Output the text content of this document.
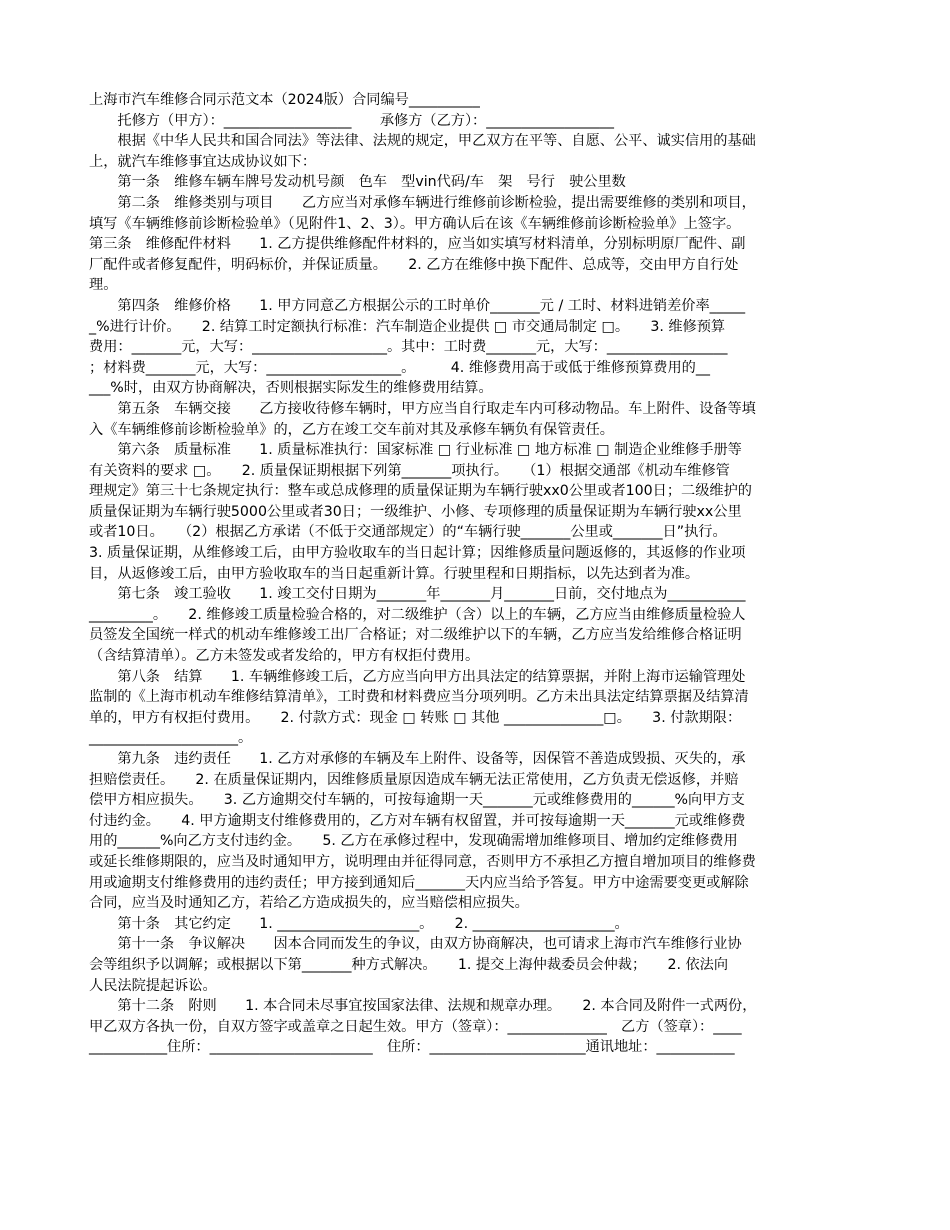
上海市汽车维修合同示范文本（2024版）合同编号__________
　　托修方（甲方）：__________________　　承修方（乙方）：__________________
　　根据《中华人民共和国合同法》等法律、法规的规定，甲乙双方在平等、自愿、公平、诚实信用的基础
上，就汽车维修事宜达成协议如下：
　　第一条　维修车辆车牌号发动机号颜　色车　型vin代码/车　架　号行　驶公里数
　　第二条　维修类别与项目　　乙方应当对承修车辆进行维修前诊断检验，提出需要维修的类别和项目，
填写《车辆维修前诊断检验单》（见附件1、2、3）。甲方确认后在该《车辆维修前诊断检验单》上签字。
第三条　维修配件材料　　1. 乙方提供维修配件材料的，应当如实填写材料清单，分别标明原厂配件、副
厂配件或者修复配件，明码标价，并保证质量。　　2. 乙方在维修中换下配件、总成等，交由甲方自行处
理。
　　第四条　维修价格　　1. 甲方同意乙方根据公示的工时单价_______元 / 工时、材料进销差价率_____
_%进行计价。　　2. 结算工时定额执行标准：汽车制造企业提供 □ 市交通局制定 □。　　3. 维修预算
费用：_______元，大写：___________________。其中：工时费_______元，大写：_________________
；材料费_______元，大写：___________________。　　　4. 维修费用高于或低于维修预算费用的__
___%时，由双方协商解决，否则根据实际发生的维修费用结算。
　　第五条　车辆交接　　乙方接收待修车辆时，甲方应当自行取走车内可移动物品。车上附件、设备等填
入《车辆维修前诊断检验单》的，乙方在竣工交车前对其及承修车辆负有保管责任。
　　第六条　质量标准　　1. 质量标准执行：国家标准 □ 行业标准 □ 地方标准 □ 制造企业维修手册等
有关资料的要求 □。　　2. 质量保证期根据下列第_______项执行。　　（1）根据交通部《机动车维修管
理规定》第三十七条规定执行：整车或总成修理的质量保证期为车辆行驶xx0公里或者100日；二级维护的
质量保证期为车辆行驶5000公里或者30日；一级维护、小修、专项修理的质量保证期为车辆行驶xx公里
或者10日。　　（2）根据乙方承诺（不低于交通部规定）的“车辆行驶_______公里或_______日”执行。
3. 质量保证期，从维修竣工后，由甲方验收取车的当日起计算；因维修质量问题返修的，其返修的作业项
目，从返修竣工后，由甲方验收取车的当日起重新计算。行驶里程和日期指标，以先达到者为准。
　　第七条　竣工验收　　1. 竣工交付日期为_______年_______月_______日前，交付地点为___________
_________。　　2. 维修竣工质量检验合格的，对二级维护（含）以上的车辆，乙方应当由维修质量检验人
员签发全国统一样式的机动车维修竣工出厂合格证；对二级维护以下的车辆，乙方应当发给维修合格证明
（含结算清单）。乙方未签发或者发给的，甲方有权拒付费用。
　　第八条　结算　　1. 车辆维修竣工后，乙方应当向甲方出具法定的结算票据，并附上海市运输管理处
监制的《上海市机动车维修结算清单》，工时费和材料费应当分项列明。乙方未出具法定结算票据及结算清
单的，甲方有权拒付费用。　　2. 付款方式：现金 □ 转账 □ 其他 ______________□。　　3. 付款期限：
_____________________。
　　第九条　违约责任　　1. 乙方对承修的车辆及车上附件、设备等，因保管不善造成毁损、灭失的，承
担赔偿责任。　　2. 在质量保证期内，因维修质量原因造成车辆无法正常使用，乙方负责无偿返修，并赔
偿甲方相应损失。　　3. 乙方逾期交付车辆的，可按每逾期一天_______元或维修费用的______%向甲方支
付违约金。　　4. 甲方逾期支付维修费用的，乙方对车辆有权留置，并可按每逾期一天_______元或维修费
用的______%向乙方支付违约金。　　5. 乙方在承修过程中，发现确需增加维修项目、增加约定维修费用
或延长维修期限的，应当及时通知甲方，说明理由并征得同意，否则甲方不承担乙方擅自增加项目的维修费
用或逾期支付维修费用的违约责任；甲方接到通知后_______天内应当给予答复。甲方中途需要变更或解除
合同，应当及时通知乙方，若给乙方造成损失的，应当赔偿相应损失。
　　第十条　其它约定　　1. ____________________。　　2. ____________________。
　　第十一条　争议解决　　因本合同而发生的争议，由双方协商解决，也可请求上海市汽车维修行业协
会等组织予以调解；或根据以下第_______种方式解决。　　1. 提交上海仲裁委员会仲裁；　　2. 依法向
人民法院提起诉讼。
　　第十二条　附则　　1. 本合同未尽事宜按国家法律、法规和规章办理。　　2. 本合同及附件一式两份，
甲乙双方各执一份，自双方签字或盖章之日起生效。甲方（签章）：______________　乙方（签章）：____
___________住所：_______________________　住所：______________________通讯地址：___________
